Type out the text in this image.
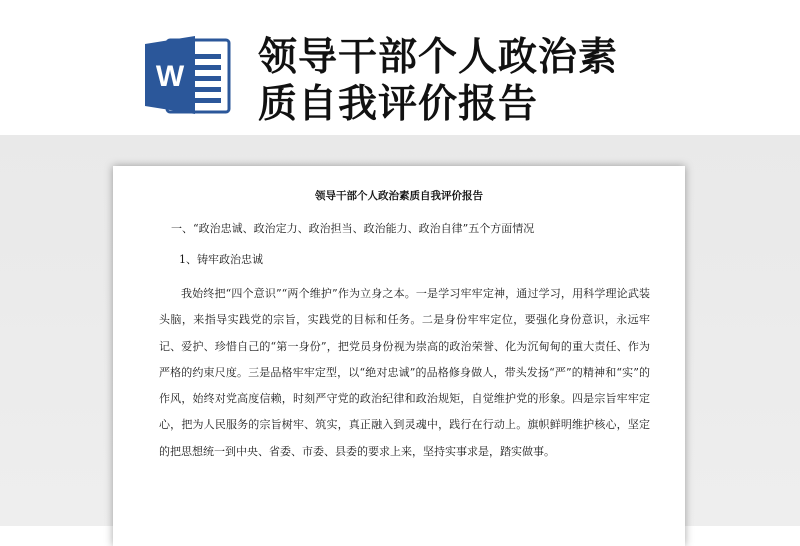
W 领导干部个人政治素
质自我评价报告
领导干部个人政治素质自我评价报告
一、“政治忠诚、政治定力、政治担当、政治能力、政治自律”五个方面情况
1、铸牢政治忠诚

我始终把“四个意识”“两个维护”作为立身之本。一是学习牢牢定神，通过学习，用科学理论武装头脑，来指导实践党的宗旨，实践党的目标和任务。二是身份牢牢定位，要强化身份意识，永远牢记、爱护、珍惜自己的“第一身份”，把党员身份视为崇高的政治荣誉、化为沉甸甸的重大责任、作为严格的约束尺度。三是品格牢牢定型，以“绝对忠诚”的品格修身做人，带头发扬“严”的精神和“实”的作风，始终对党高度信赖，时刻严守党的政治纪律和政治规矩，自觉维护党的形象。四是宗旨牢牢定心，把为人民服务的宗旨树牢、筑实，真正融入到灵魂中，践行在行动上。旗帜鲜明维护核心，坚定的把思想统一到中央、省委、市委、县委的要求上来，坚持实事求是，踏实做事。
